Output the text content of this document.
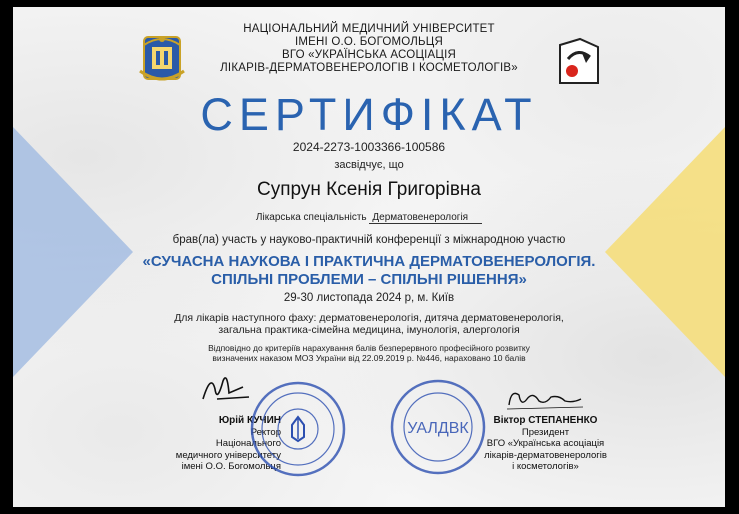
НАЦІОНАЛЬНИЙ МЕДИЧНИЙ УНІВЕРСИТЕТ
ІМЕНІ О.О. БОГОМОЛЬЦЯ
ВГО «УКРАЇНСЬКА АСОЦІАЦІЯ
ЛІКАРІВ-ДЕРМАТОВЕНЕРОЛОГІВ І КОСМЕТОЛОГІВ»
СЕРТИФІКАТ
2024-2273-1003366-100586
засвідчує, що
Супрун Ксенія Григорівна
Лікарська спеціальність Дерматовенерологія
брав(ла) участь у науково-практичній конференції з міжнародною участю
«СУЧАСНА НАУКОВА І ПРАКТИЧНА ДЕРМАТОВЕНЕРОЛОГІЯ.
СПІЛЬНІ ПРОБЛЕМИ – СПІЛЬНІ РІШЕННЯ»
29-30 листопада 2024 р, м. Київ
Для лікарів наступного фаху: дерматовенерологія, дитяча дерматовенерологія,
загальна практика-сімейна медицина, імунологія, алергологія
Відповідно до критеріїв нарахування балів безперервного професійного розвитку
визначених наказом МОЗ України від 22.09.2019 р. №446, нараховано 10 балів
Юрій КУЧИН
Ректор
Національного
медичного університету
імені О.О. Богомольця
УАЛДВК	Віктор СТЕПАНЕНКО
Президент
ВГО «Українська асоціація
лікарів-дерматовенерологів
і косметологів»
